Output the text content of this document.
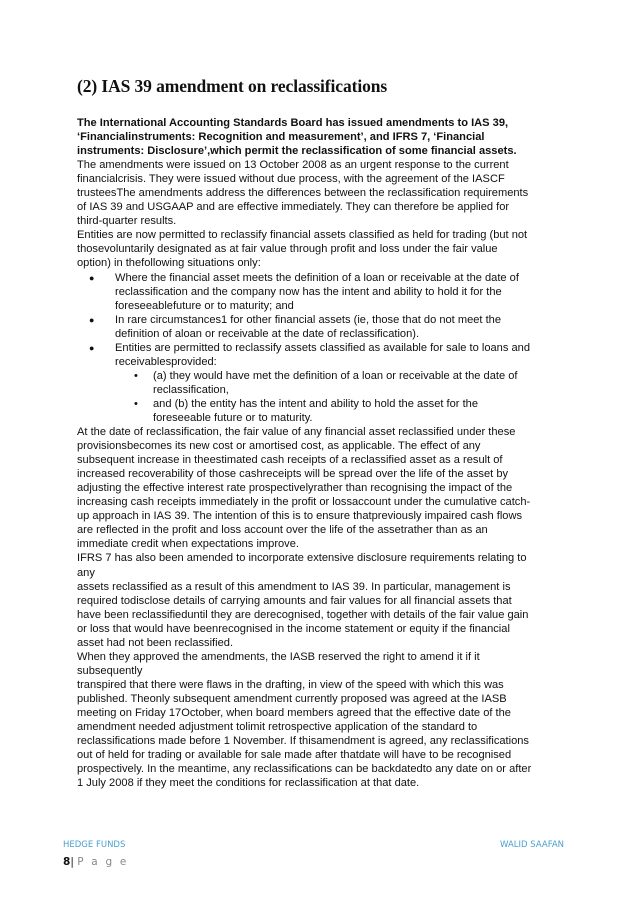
(2) IAS 39 amendment on reclassifications

The International Accounting Standards Board has issued amendments to IAS 39,

‘Financialinstruments: Recognition and measurement’, and IFRS 7, ‘Financial

instruments: Disclosure’,which permit the reclassification of some financial assets.

The amendments were issued on 13 October 2008 as an urgent response to the current

financialcrisis. They were issued without due process, with the agreement of the IASCF

trusteesThe amendments address the differences between the reclassification requirements

of IAS 39 and USGAAP and are effective immediately. They can therefore be applied for

third-quarter results.

Entities are now permitted to reclassify financial assets classified as held for trading (but not

thosevoluntarily designated as at fair value through profit and loss under the fair value

option) in thefollowing situations only:

● Where the financial asset meets the definition of a loan or receivable at the date of
reclassification and the company now has the intent and ability to hold it for the
foreseeablefuture or to maturity; and
● In rare circumstances1 for other financial assets (ie, those that do not meet the
definition of aloan or receivable at the date of reclassification).
● Entities are permitted to reclassify assets classified as available for sale to loans and
receivablesprovided:
• (a) they would have met the definition of a loan or receivable at the date of
reclassification,
• and (b) the entity has the intent and ability to hold the asset for the
foreseeable future or to maturity.

At the date of reclassification, the fair value of any financial asset reclassified under these

provisionsbecomes its new cost or amortised cost, as applicable. The effect of any

subsequent increase in theestimated cash receipts of a reclassified asset as a result of

increased recoverability of those cashreceipts will be spread over the life of the asset by

adjusting the effective interest rate prospectivelyrather than recognising the impact of the

increasing cash receipts immediately in the profit or lossaccount under the cumulative catch-

up approach in IAS 39. The intention of this is to ensure thatpreviously impaired cash flows

are reflected in the profit and loss account over the life of the assetrather than as an

immediate credit when expectations improve.

IFRS 7 has also been amended to incorporate extensive disclosure requirements relating to

any

assets reclassified as a result of this amendment to IAS 39. In particular, management is

required todisclose details of carrying amounts and fair values for all financial assets that

have been reclassifieduntil they are derecognised, together with details of the fair value gain

or loss that would have beenrecognised in the income statement or equity if the financial

asset had not been reclassified.

When they approved the amendments, the IASB reserved the right to amend it if it

subsequently

transpired that there were flaws in the drafting, in view of the speed with which this was

published. Theonly subsequent amendment currently proposed was agreed at the IASB

meeting on Friday 17October, when board members agreed that the effective date of the

amendment needed adjustment tolimit retrospective application of the standard to

reclassifications made before 1 November. If thisamendment is agreed, any reclassifications

out of held for trading or available for sale made after thatdate will have to be recognised

prospectively. In the meantime, any reclassifications can be backdatedto any date on or after

1 July 2008 if they meet the conditions for reclassification at that date.

HEDGE FUNDS	WALID SAAFAN
8| P a g e
